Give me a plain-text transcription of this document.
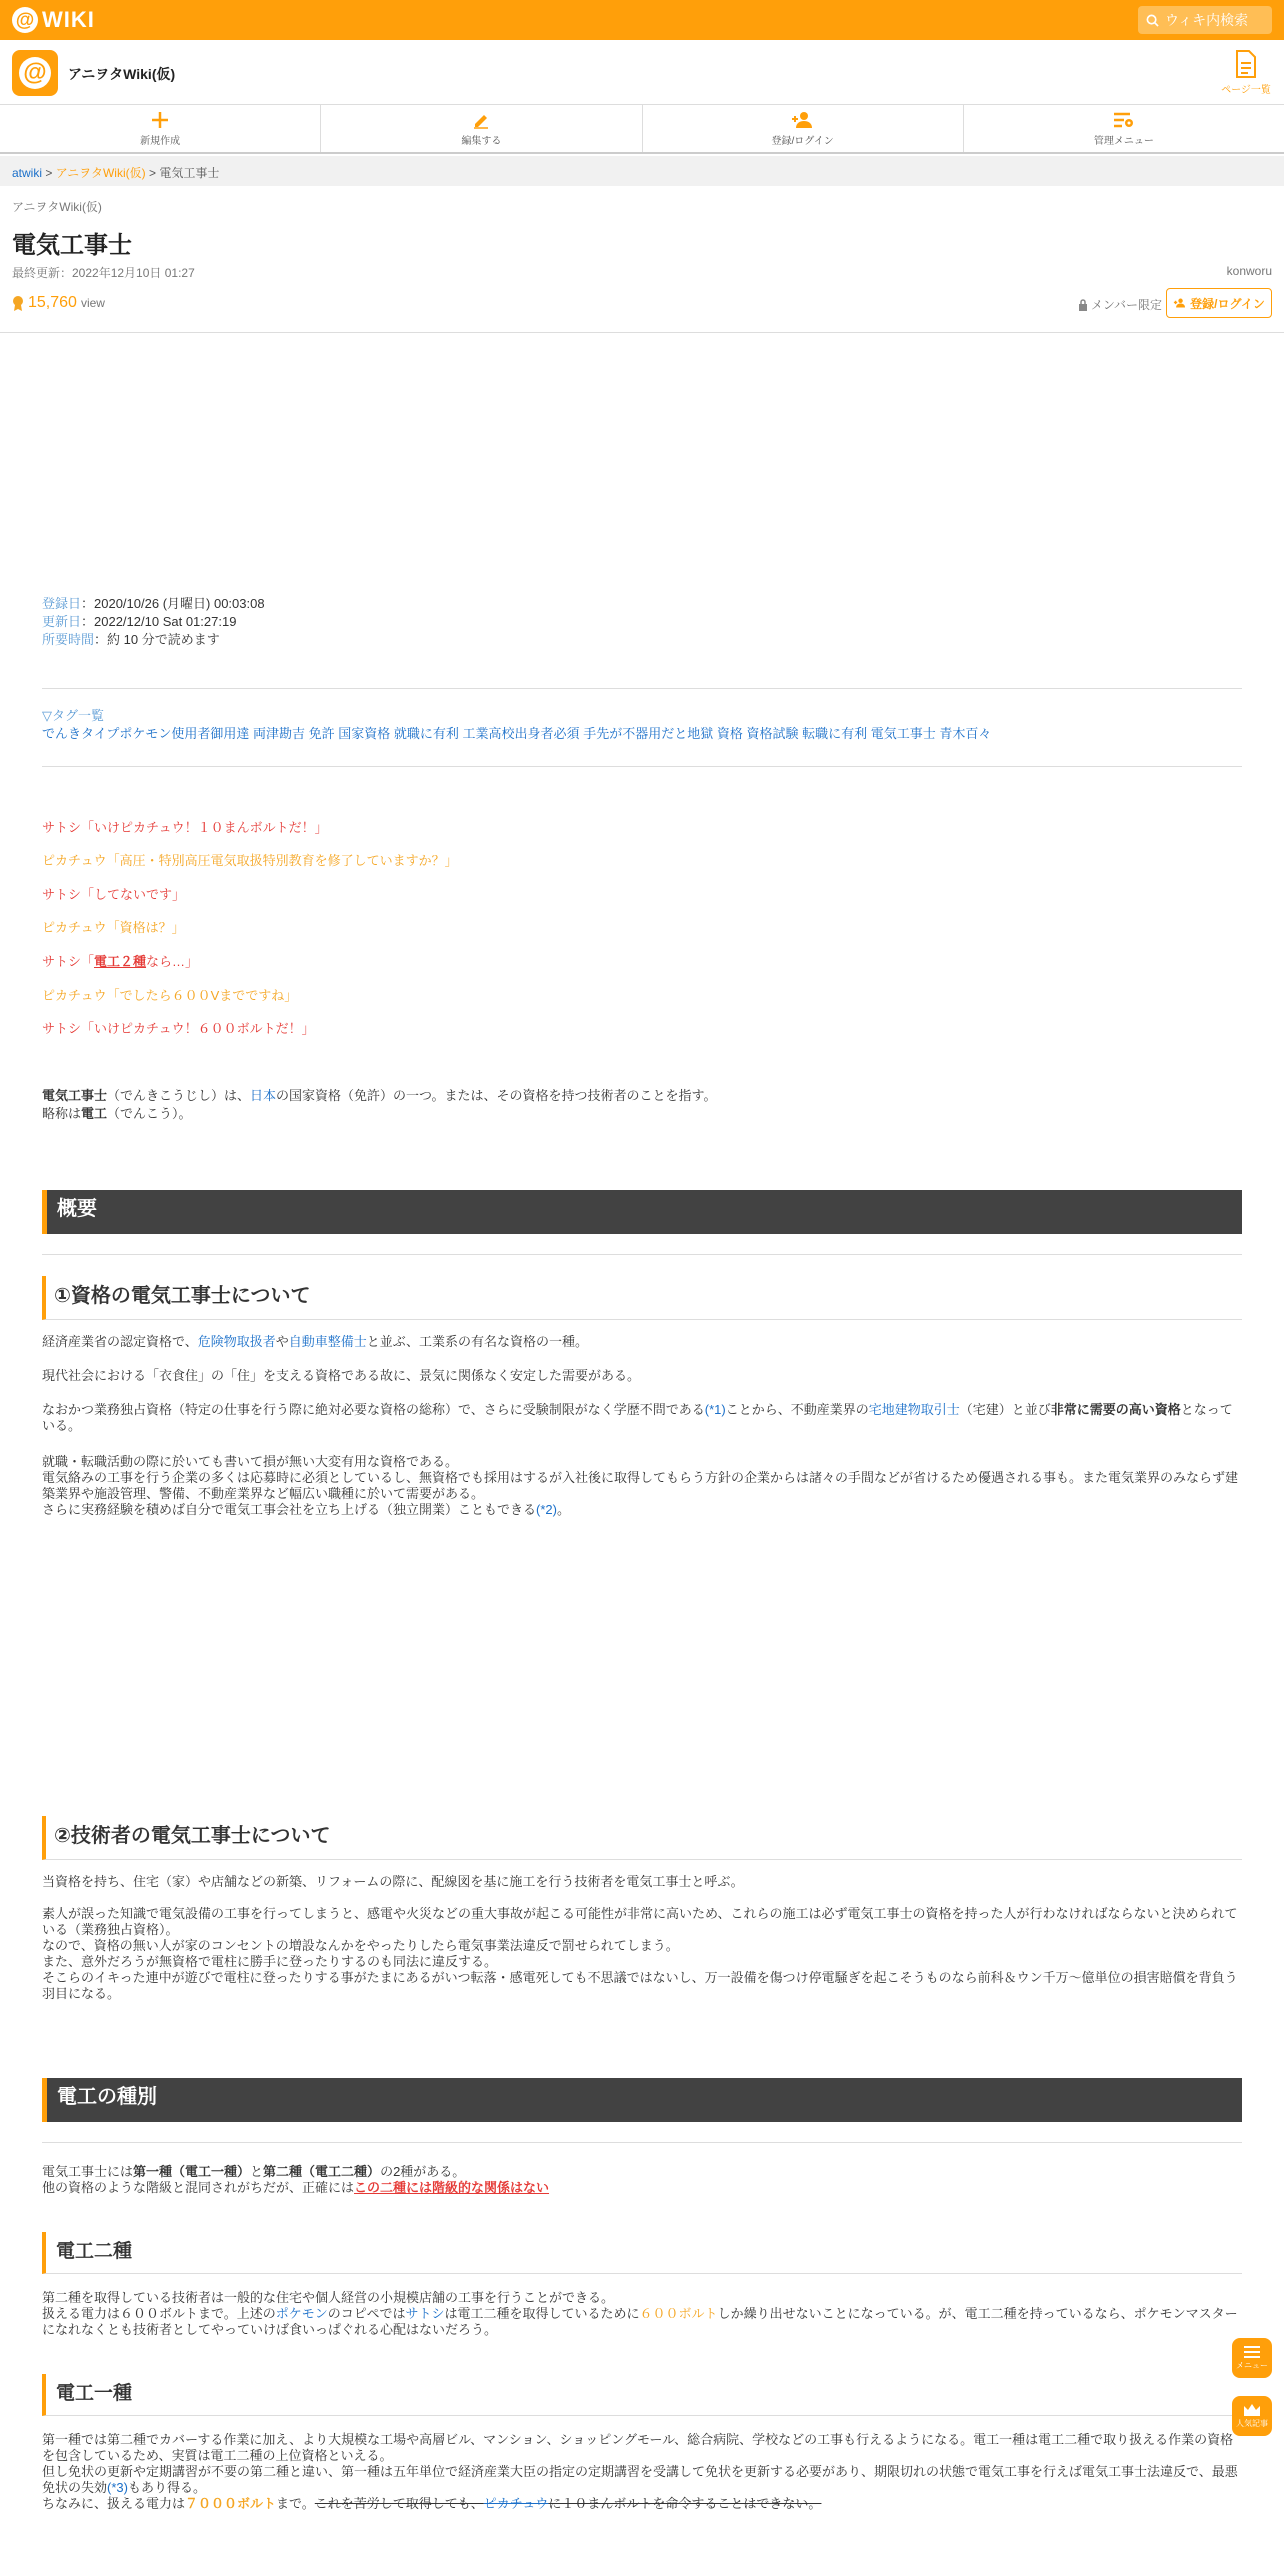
@ WIKI
ウィキ内検索
@	アニヲタWiki(仮)
ページ一覧
新規作成	編集する	登録/ログイン	管理メニュー
atwiki > アニヲタWiki(仮) > 電気工事士
アニヲタWiki(仮)
電気工事士
最終更新：2022年12月10日 01:27	konworu
15,760 view	メンバー限定 登録/ログイン
登録日：2020/10/26 (月曜日) 00:03:08
更新日：2022/12/10 Sat 01:27:19
所要時間：約 10 分で読めます
▽タグ一覧
でんきタイプポケモン使用者御用達 両津勘吉 免許 国家資格 就職に有利 工業高校出身者必須 手先が不器用だと地獄 資格 資格試験 転職に有利 電気工事士 青木百々
サトシ「いけピカチュウ！１０まんボルトだ！」
ピカチュウ「高圧・特別高圧電気取扱特別教育を修了していますか？」
サトシ「してないです」
ピカチュウ「資格は？」
サトシ「電工２種なら…」
ピカチュウ「でしたら６００Vまでですね」
サトシ「いけピカチュウ！６００ボルトだ！」
電気工事士（でんきこうじし）は、日本の国家資格（免許）の一つ。または、その資格を持つ技術者のことを指す。
略称は電工（でんこう）。
概要
①資格の電気工事士について
経済産業省の認定資格で、危険物取扱者や自動車整備士と並ぶ、工業系の有名な資格の一種。
現代社会における「衣食住」の「住」を支える資格である故に、景気に関係なく安定した需要がある。
なおかつ業務独占資格（特定の仕事を行う際に絶対必要な資格の総称）で、さらに受験制限がなく学歴不問である(*1)ことから、不動産業界の宅地建物取引士（宅建）と並び非常に需要の高い資格となっている。
就職・転職活動の際に於いても書いて損が無い大変有用な資格である。
電気絡みの工事を行う企業の多くは応募時に必須としているし、無資格でも採用はするが入社後に取得してもらう方針の企業からは諸々の手間などが省けるため優遇される事も。また電気業界のみならず建築業界や施設管理、警備、不動産業界など幅広い職種に於いて需要がある。
さらに実務経験を積めば自分で電気工事会社を立ち上げる（独立開業）こともできる(*2)。
②技術者の電気工事士について
当資格を持ち、住宅（家）や店舗などの新築、リフォームの際に、配線図を基に施工を行う技術者を電気工事士と呼ぶ。
素人が誤った知識で電気設備の工事を行ってしまうと、感電や火災などの重大事故が起こる可能性が非常に高いため、これらの施工は必ず電気工事士の資格を持った人が行わなければならないと決められている（業務独占資格）。
なので、資格の無い人が家のコンセントの増設なんかをやったりしたら電気事業法違反で罰せられてしまう。
また、意外だろうが無資格で電柱に勝手に登ったりするのも同法に違反する。
そこらのイキった連中が遊びで電柱に登ったりする事がたまにあるがいつ転落・感電死しても不思議ではないし、万一設備を傷つけ停電騒ぎを起こそうものなら前科＆ウン千万～億単位の損害賠償を背負う羽目になる。
電工の種別
電気工事士には第一種（電工一種）と第二種（電工二種）の2種がある。
他の資格のような階級と混同されがちだが、正確にはこの二種には階級的な関係はない
電工二種
第二種を取得している技術者は一般的な住宅や個人経営の小規模店舗の工事を行うことができる。
扱える電力は６００ボルトまで。上述のポケモンのコピペではサトシは電工二種を取得しているために６００ボルトしか繰り出せないことになっている。が、電工二種を持っているなら、ポケモンマスターになれなくとも技術者としてやっていけば食いっぱぐれる心配はないだろう。
電工一種
第一種では第二種でカバーする作業に加え、より大規模な工場や高層ビル、マンション、ショッピングモール、総合病院、学校などの工事も行えるようになる。電工一種は電工二種で取り扱える作業の資格を包含しているため、実質は電工二種の上位資格といえる。
但し免状の更新や定期講習が不要の第二種と違い、第一種は五年単位で経済産業大臣の指定の定期講習を受講して免状を更新する必要があり、期限切れの状態で電気工事を行えば電気工事士法違反で、最悪免状の失効(*3)もあり得る。
ちなみに、扱える電力は７０００ボルトまで。これを苦労して取得しても、ピカチュウに１０まんボルトを命令することはできない。
メニュー
人気記事
